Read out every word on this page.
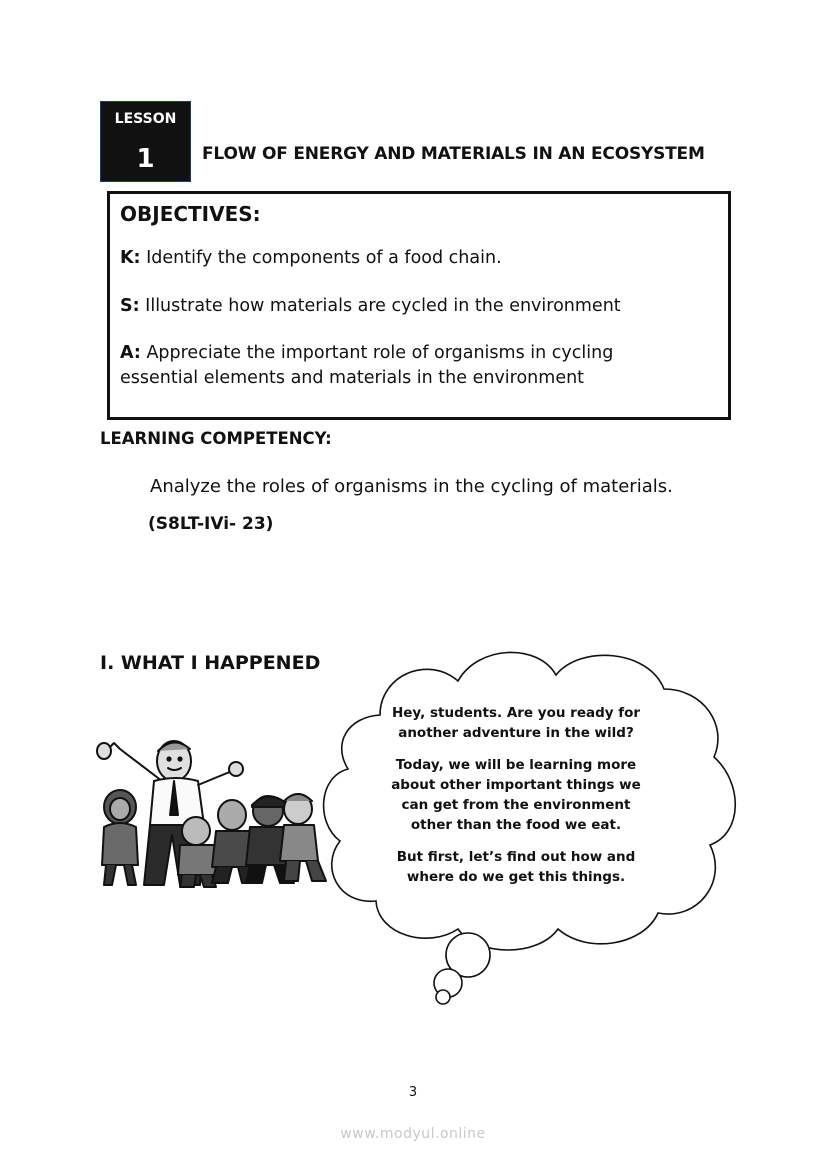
LESSON
1	FLOW OF ENERGY AND MATERIALS IN AN ECOSYSTEM
OBJECTIVES:
K: Identify the components of a food chain.
S: Illustrate how materials are cycled in the environment
A: Appreciate the important role of organisms in cycling essential elements and materials in the environment
LEARNING COMPETENCY:
Analyze the roles of organisms in the cycling of materials.
(S8LT-IVi- 23)
I. WHAT I HAPPENED

Hey, students. Are you ready for another adventure in the wild?

Today, we will be learning more about other important things we can get from the environment other than the food we eat.

But first, let’s find out how and where do we get this things.

3
www.modyul.online
